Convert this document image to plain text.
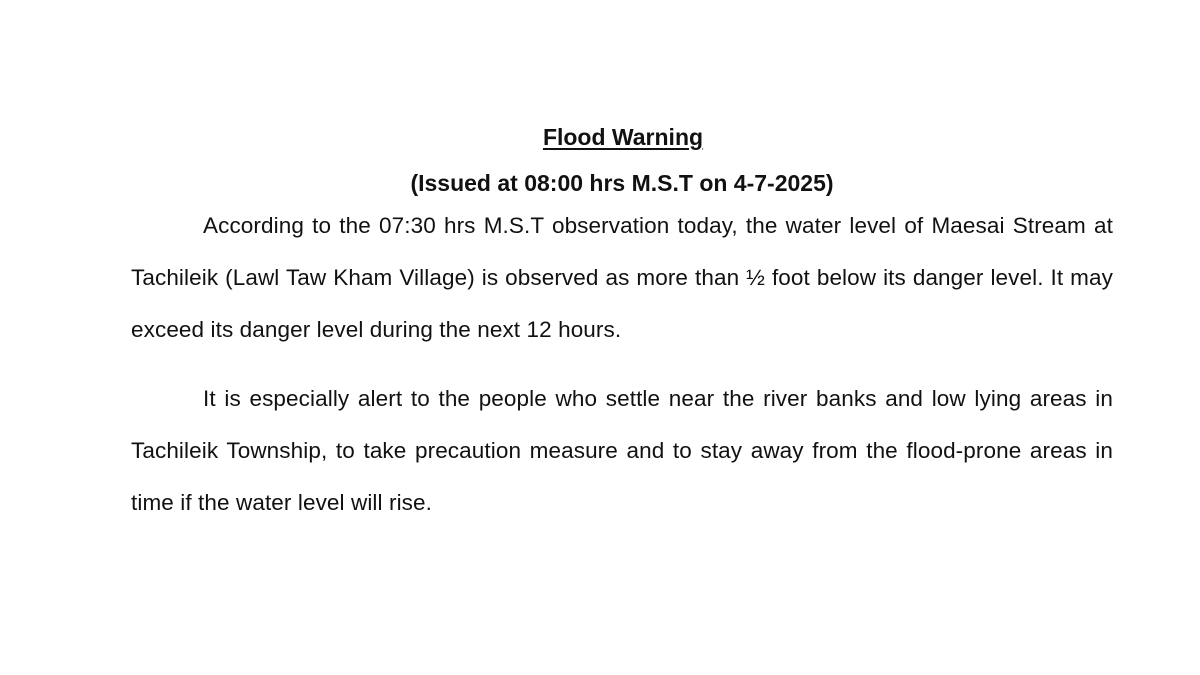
Flood Warning

(Issued at 08:00 hrs M.S.T on 4-7-2025)

According to the 07:30 hrs M.S.T observation today, the water level of Maesai Stream at Tachileik (Lawl Taw Kham Village) is observed as more than ½ foot below its danger level. It may exceed its danger level during the next 12 hours.

It is especially alert to the people who settle near the river banks and low lying areas in Tachileik Township, to take precaution measure and to stay away from the flood-prone areas in time if the water level will rise.
